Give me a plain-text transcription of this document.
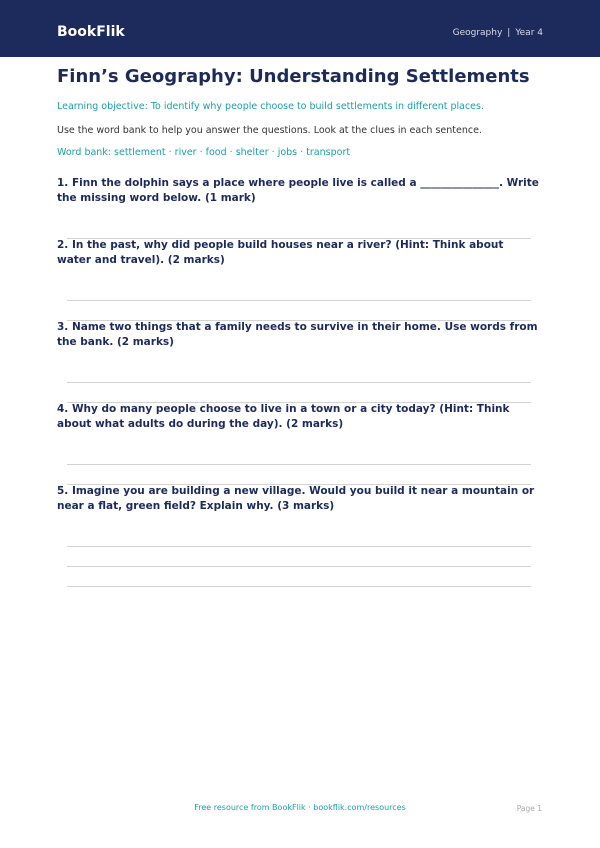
BookFlik	Geography | Year 4
Finn’s Geography: Understanding Settlements
Learning objective: To identify why people choose to build settlements in different places.
Use the word bank to help you answer the questions. Look at the clues in each sentence.
Word bank: settlement · river · food · shelter · jobs · transport
1. Finn the dolphin says a place where people live is called a _______________. Write the missing word below. (1 mark)
2. In the past, why did people build houses near a river? (Hint: Think about water and travel). (2 marks)
3. Name two things that a family needs to survive in their home. Use words from the bank. (2 marks)
4. Why do many people choose to live in a town or a city today? (Hint: Think about what adults do during the day). (2 marks)
5. Imagine you are building a new village. Would you build it near a mountain or near a flat, green field? Explain why. (3 marks)
Free resource from BookFlik · bookflik.com/resources	Page 1
